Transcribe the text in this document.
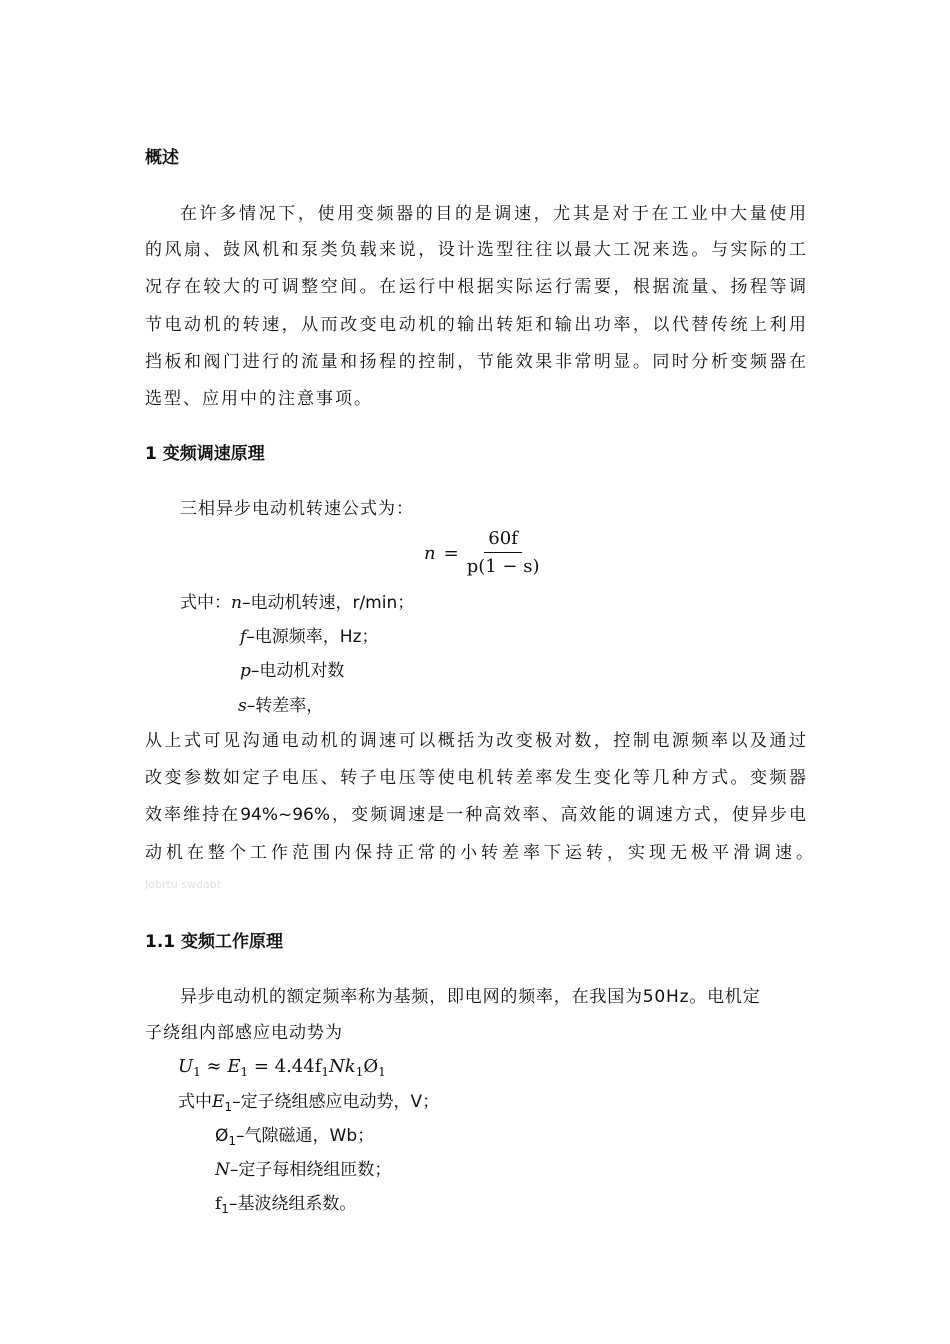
概述
在许多情况下，使用变频器的目的是调速，尤其是对于在工业中大量使用
的风扇、鼓风机和泵类负载来说，设计选型往往以最大工况来选。与实际的工
况存在较大的可调整空间。在运行中根据实际运行需要，根据流量、扬程等调
节电动机的转速，从而改变电动机的输出转矩和输出功率，以代替传统上利用
挡板和阀门进行的流量和扬程的控制，节能效果非常明显。同时分析变频器在
选型、应用中的注意事项。
1 变频调速原理
三相异步电动机转速公式为：
$n = \frac{60f}{p(1 - s)}$
式中：n–电动机转速，r/min；
f–电源频率，Hz；
p–电动机对数
s–转差率，
从上式可见沟通电动机的调速可以概括为改变极对数，控制电源频率以及通过
改变参数如定子电压、转子电压等使电机转差率发生变化等几种方式。变频器
效率维持在94%~96%，变频调速是一种高效率、高效能的调速方式，使异步电
动机在整个工作范围内保持正常的小转差率下运转，实现无极平滑调速。
Jobrtu swdabt
1.1 变频工作原理
异步电动机的额定频率称为基频，即电网的频率，在我国为50Hz。电机定
子绕组内部感应电动势为
$U_1 \approx E_1$ = $4.44f_1Nk_1Ø_1$
式中$E_1-$定子绕组感应电动势，V；
$Ø_1-$气隙磁通，Wb；
N–定子每相绕组匝数；
$f_1-$基波绕组系数。
